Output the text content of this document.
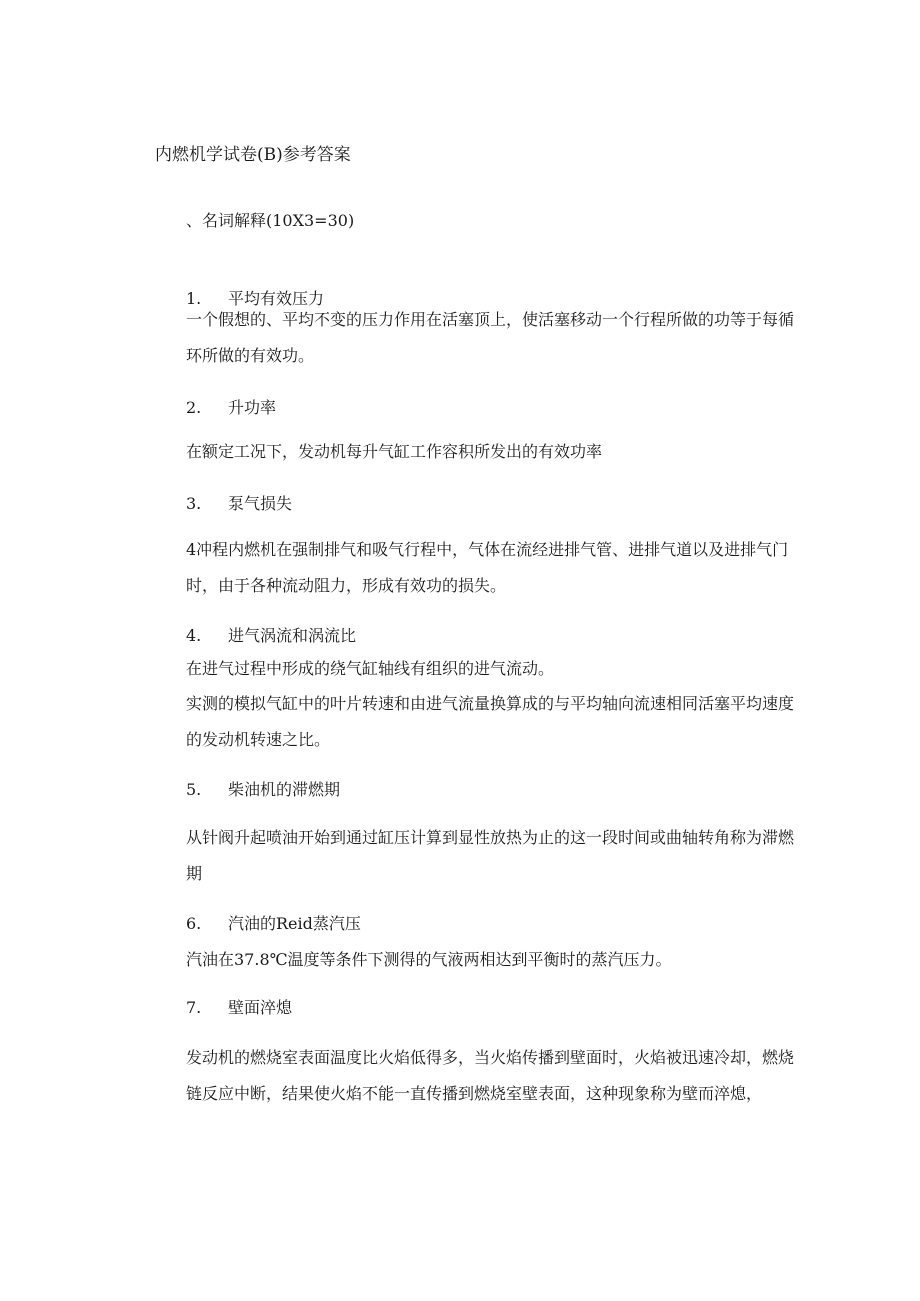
内燃机学试卷(B)参考答案
、名词解释(10X3=30)
1. 平均有效压力
一个假想的、平均不变的压力作用在活塞顶上，使活塞移动一个行程所做的功等于每循环所做的有效功。
2. 升功率
在额定工况下，发动机每升气缸工作容积所发出的有效功率
3. 泵气损失
4冲程内燃机在强制排气和吸气行程中，气体在流经进排气管、进排气道以及进排气门时，由于各种流动阻力，形成有效功的损失。
4. 进气涡流和涡流比
在进气过程中形成的绕气缸轴线有组织的进气流动。
实测的模拟气缸中的叶片转速和由进气流量换算成的与平均轴向流速相同活塞平均速度的发动机转速之比。
5. 柴油机的滞燃期
从针阀升起喷油开始到通过缸压计算到显性放热为止的这一段时间或曲轴转角称为滞燃期
6. 汽油的Reid蒸汽压
汽油在37.8℃温度等条件下测得的气液两相达到平衡时的蒸汽压力。
7. 壁面淬熄
发动机的燃烧室表面温度比火焰低得多，当火焰传播到壁面时，火焰被迅速冷却，燃烧链反应中断，结果使火焰不能一直传播到燃烧室壁表面，这种现象称为壁而淬熄，
